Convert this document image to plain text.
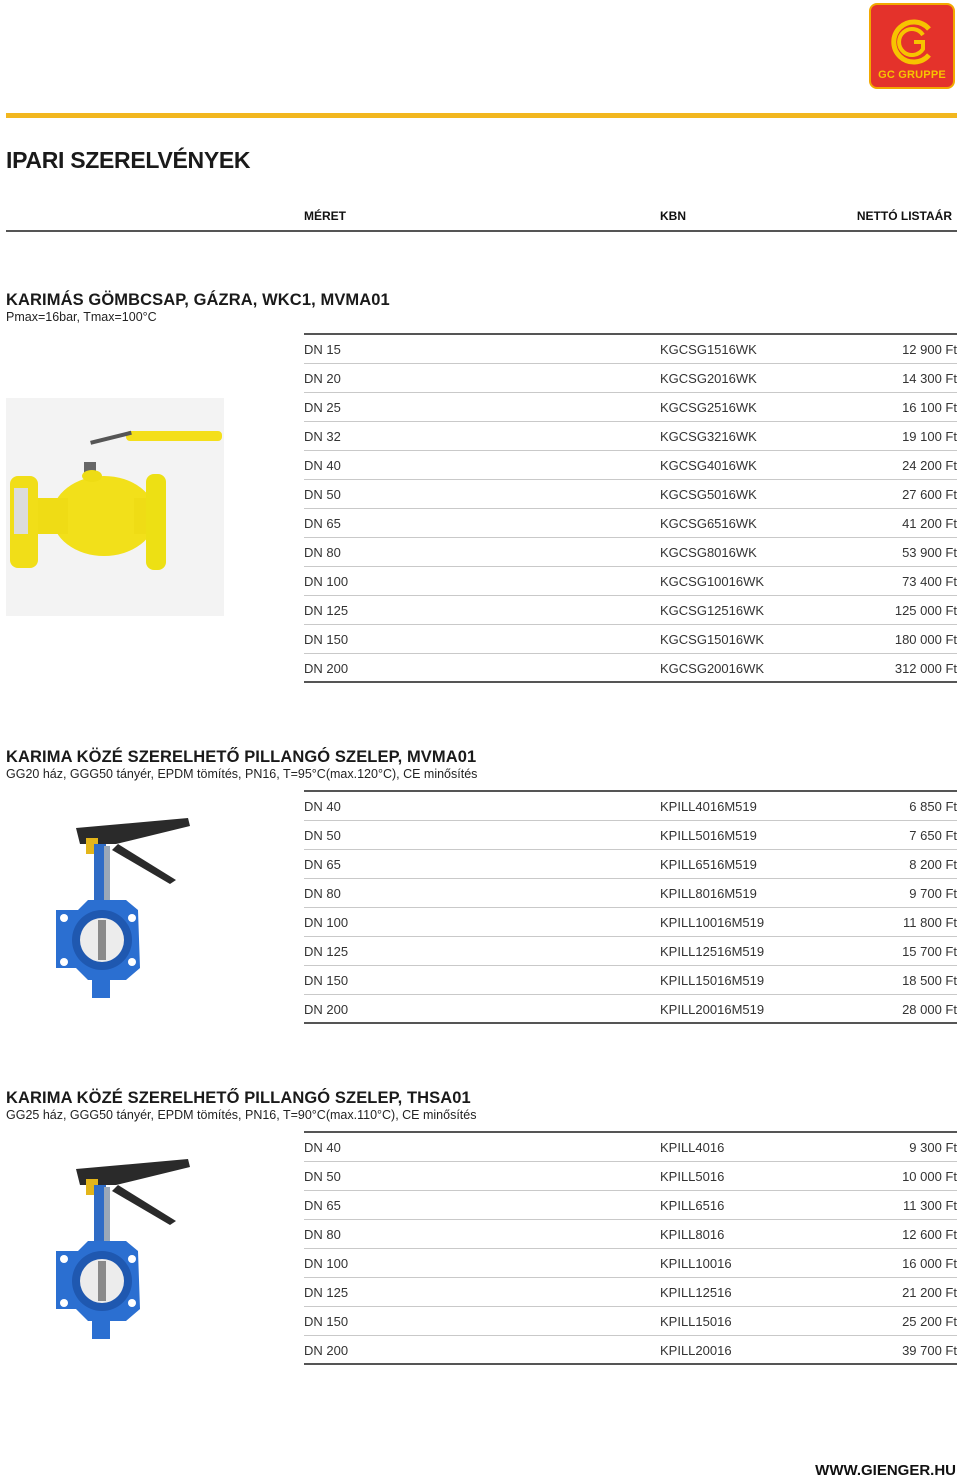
GC GRUPPE
IPARI SZERELVÉNYEK
MÉRET	KBN	NETTÓ LISTAÁR
KARIMÁS GÖMBCSAP, GÁZRA, WKC1, MVMA01
Pmax=16bar, Tmax=100°C
DN 15	KGCSG1516WK	12 900 Ft
DN 20	KGCSG2016WK	14 300 Ft
DN 25	KGCSG2516WK	16 100 Ft
DN 32	KGCSG3216WK	19 100 Ft
DN 40	KGCSG4016WK	24 200 Ft
DN 50	KGCSG5016WK	27 600 Ft
DN 65	KGCSG6516WK	41 200 Ft
DN 80	KGCSG8016WK	53 900 Ft
DN 100	KGCSG10016WK	73 400 Ft
DN 125	KGCSG12516WK	125 000 Ft
DN 150	KGCSG15016WK	180 000 Ft
DN 200	KGCSG20016WK	312 000 Ft
KARIMA KÖZÉ SZERELHETŐ PILLANGÓ SZELEP, MVMA01
GG20 ház, GGG50 tányér, EPDM tömítés, PN16, T=95°C(max.120°C), CE minősítés
DN 40	KPILL4016M519	6 850 Ft
DN 50	KPILL5016M519	7 650 Ft
DN 65	KPILL6516M519	8 200 Ft
DN 80	KPILL8016M519	9 700 Ft
DN 100	KPILL10016M519	11 800 Ft
DN 125	KPILL12516M519	15 700 Ft
DN 150	KPILL15016M519	18 500 Ft
DN 200	KPILL20016M519	28 000 Ft
KARIMA KÖZÉ SZERELHETŐ PILLANGÓ SZELEP, THSA01
GG25 ház, GGG50 tányér, EPDM tömítés, PN16, T=90°C(max.110°C), CE minősítés
DN 40	KPILL4016	9 300 Ft
DN 50	KPILL5016	10 000 Ft
DN 65	KPILL6516	11 300 Ft
DN 80	KPILL8016	12 600 Ft
DN 100	KPILL10016	16 000 Ft
DN 125	KPILL12516	21 200 Ft
DN 150	KPILL15016	25 200 Ft
DN 200	KPILL20016	39 700 Ft
WWW.GIENGER.HU
